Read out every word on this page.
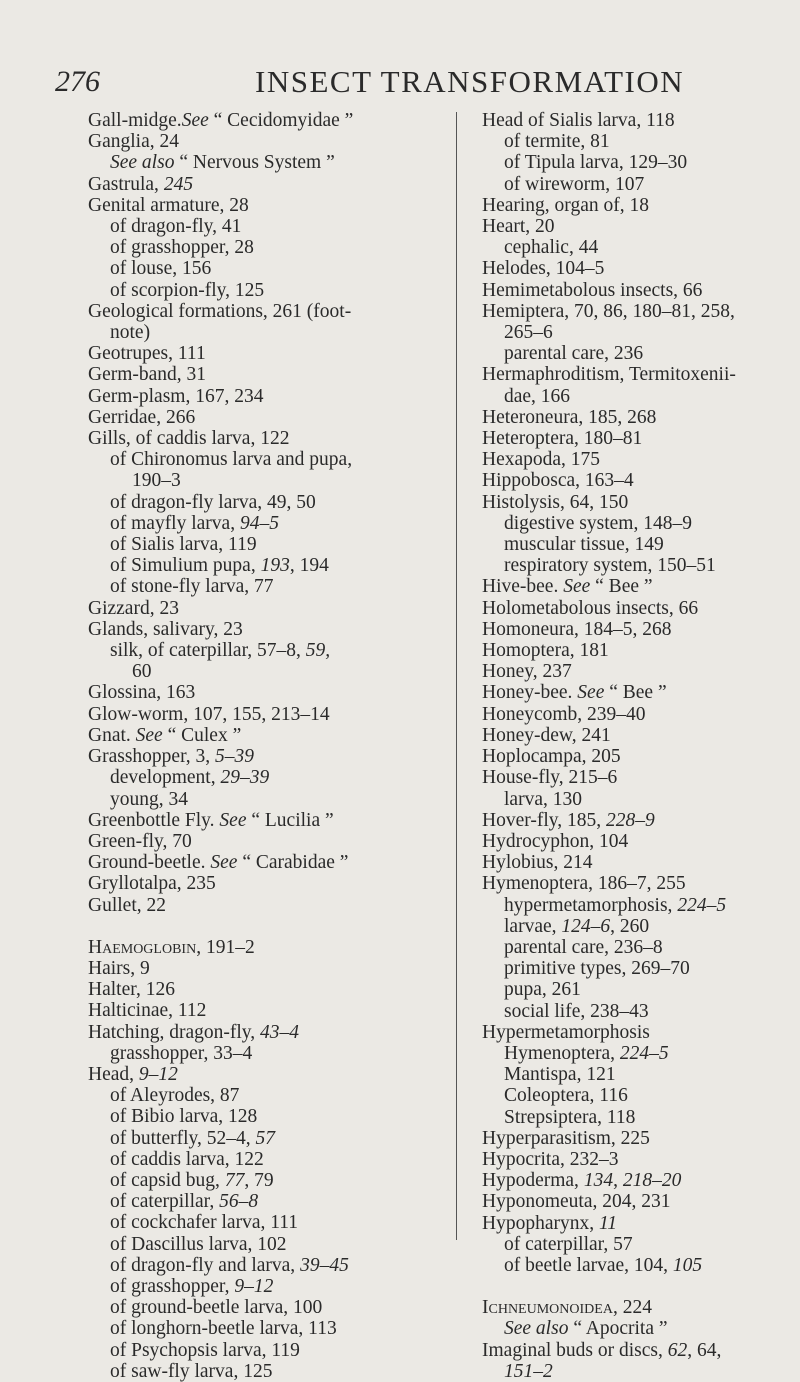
276	INSECT TRANSFORMATION
Gall-midge.See “ Cecidomyidae ”
Ganglia, 24
See also “ Nervous System ”
Gastrula, 245
Genital armature, 28
of dragon-fly, 41
of grasshopper, 28
of louse, 156
of scorpion-fly, 125
Geological formations, 261 (foot-
note)
Geotrupes, 111
Germ-band, 31
Germ-plasm, 167, 234
Gerridae, 266
Gills, of caddis larva, 122
of Chironomus larva and pupa,
190–3
of dragon-fly larva, 49, 50
of mayfly larva, 94–5
of Sialis larva, 119
of Simulium pupa, 193, 194
of stone-fly larva, 77
Gizzard, 23
Glands, salivary, 23
silk, of caterpillar, 57–8, 59,
60
Glossina, 163
Glow-worm, 107, 155, 213–14
Gnat. See “ Culex ”
Grasshopper, 3, 5–39
development, 29–39
young, 34
Greenbottle Fly. See “ Lucilia ”
Green-fly, 70
Ground-beetle. See “ Carabidae ”
Gryllotalpa, 235
Gullet, 22
Haemoglobin, 191–2
Hairs, 9
Halter, 126
Halticinae, 112
Hatching, dragon-fly, 43–4
grasshopper, 33–4
Head, 9–12
of Aleyrodes, 87
of Bibio larva, 128
of butterfly, 52–4, 57
of caddis larva, 122
of capsid bug, 77, 79
of caterpillar, 56–8
of cockchafer larva, 111
of Dascillus larva, 102
of dragon-fly and larva, 39–45
of grasshopper, 9–12
of ground-beetle larva, 100
of longhorn-beetle larva, 113
of Psychopsis larva, 119
of saw-fly larva, 125
Head of Sialis larva, 118
of termite, 81
of Tipula larva, 129–30
of wireworm, 107
Hearing, organ of, 18
Heart, 20
cephalic, 44
Helodes, 104–5
Hemimetabolous insects, 66
Hemiptera, 70, 86, 180–81, 258,
265–6
parental care, 236
Hermaphroditism, Termitoxenii-
dae, 166
Heteroneura, 185, 268
Heteroptera, 180–81
Hexapoda, 175
Hippobosca, 163–4
Histolysis, 64, 150
digestive system, 148–9
muscular tissue, 149
respiratory system, 150–51
Hive-bee. See “ Bee ”
Holometabolous insects, 66
Homoneura, 184–5, 268
Homoptera, 181
Honey, 237
Honey-bee. See “ Bee ”
Honeycomb, 239–40
Honey-dew, 241
Hoplocampa, 205
House-fly, 215–6
larva, 130
Hover-fly, 185, 228–9
Hydrocyphon, 104
Hylobius, 214
Hymenoptera, 186–7, 255
hypermetamorphosis, 224–5
larvae, 124–6, 260
parental care, 236–8
primitive types, 269–70
pupa, 261
social life, 238–43
Hypermetamorphosis
Hymenoptera, 224–5
Mantispa, 121
Coleoptera, 116
Strepsiptera, 118
Hyperparasitism, 225
Hypocrita, 232–3
Hypoderma, 134, 218–20
Hyponomeuta, 204, 231
Hypopharynx, 11
of caterpillar, 57
of beetle larvae, 104, 105
Ichneumonoidea, 224
See also “ Apocrita ”
Imaginal buds or discs, 62, 64,
151–2
